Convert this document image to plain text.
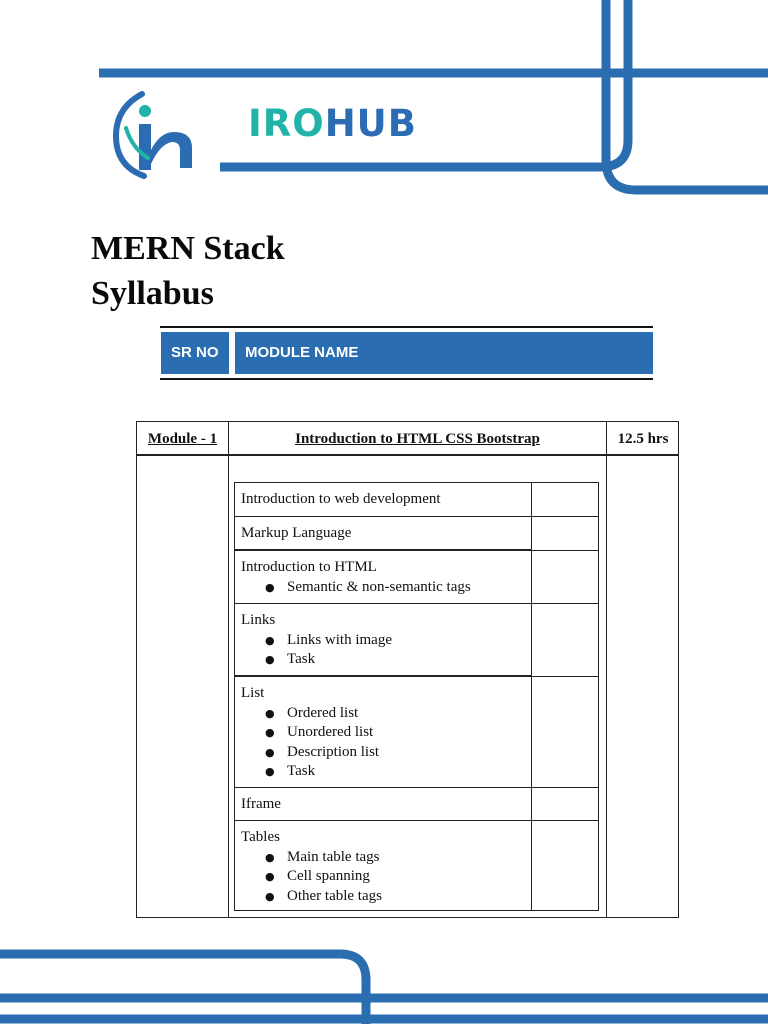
IROHUB
MERN Stack
Syllabus
SR NO	MODULE NAME
Module - 1	Introduction to HTML CSS Bootstrap	12.5 hrs
Introduction to web development
Markup Language
Introduction to HTML
● Semantic & non-semantic tags
Links
● Links with image
● Task
List
● Ordered list
● Unordered list
● Description list
● Task
Iframe
Tables
● Main table tags
● Cell spanning
● Other table tags
